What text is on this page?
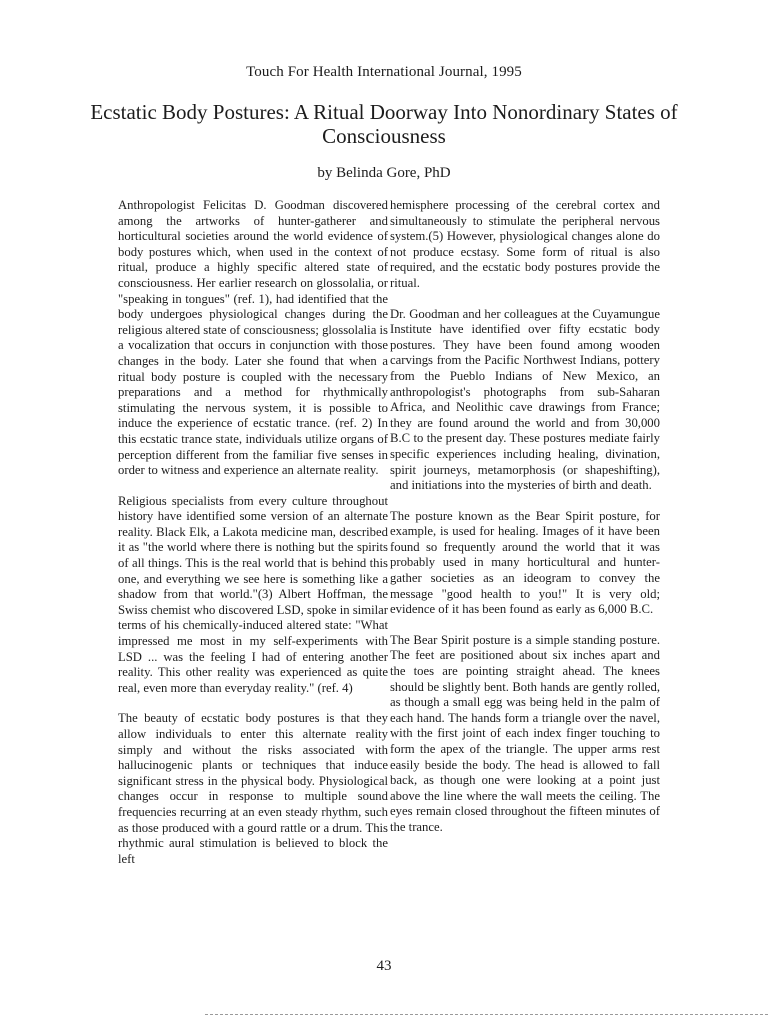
Touch For Health International Journal, 1995
Ecstatic Body Postures: A Ritual Doorway Into Nonordinary States of Consciousness
by Belinda Gore, PhD

Anthropologist Felicitas D. Goodman discovered among the artworks of hunter-gatherer and horticultural societies around the world evidence of body postures which, when used in the context of ritual, produce a highly specific altered state of consciousness. Her earlier research on glossolalia, or "speaking in tongues" (ref. 1), had identified that the body undergoes physiological changes during the religious altered state of consciousness; glossolalia is a vocalization that occurs in conjunction with those changes in the body. Later she found that when a ritual body posture is coupled with the necessary preparations and a method for rhythmically stimulating the nervous system, it is possible to induce the experience of ecstatic trance. (ref. 2) In this ecstatic trance state, individuals utilize organs of perception different from the familiar five senses in order to witness and experience an alternate reality.

Religious specialists from every culture throughout history have identified some version of an alternate reality. Black Elk, a Lakota medicine man, described it as "the world where there is nothing but the spirits of all things. This is the real world that is behind this one, and everything we see here is something like a shadow from that world."(3) Albert Hoffman, the Swiss chemist who discovered LSD, spoke in similar terms of his chemically-induced altered state: "What impressed me most in my self-experiments with LSD ... was the feeling I had of entering another reality. This other reality was experienced as quite real, even more than everyday reality." (ref. 4)

The beauty of ecstatic body postures is that they allow individuals to enter this alternate reality simply and without the risks associated with hallucinogenic plants or techniques that induce significant stress in the physical body. Physiological changes occur in response to multiple sound frequencies recurring at an even steady rhythm, such as those produced with a gourd rattle or a drum. This rhythmic aural stimulation is believed to block the left

hemisphere processing of the cerebral cortex and simultaneously to stimulate the peripheral nervous system.(5) However, physiological changes alone do not produce ecstasy. Some form of ritual is also required, and the ecstatic body postures provide the ritual.

Dr. Goodman and her colleagues at the Cuyamungue Institute have identified over fifty ecstatic body postures. They have been found among wooden carvings from the Pacific Northwest Indians, pottery from the Pueblo Indians of New Mexico, an anthropologist's photographs from sub-Saharan Africa, and Neolithic cave drawings from France; they are found around the world and from 30,000 B.C to the present day. These postures mediate fairly specific experiences including healing, divination, spirit journeys, metamorphosis (or shapeshifting), and initiations into the mysteries of birth and death.

The posture known as the Bear Spirit posture, for example, is used for healing. Images of it have been found so frequently around the world that it was probably used in many horticultural and hunter-gather societies as an ideogram to convey the message "good health to you!" It is very old; evidence of it has been found as early as 6,000 B.C.

The Bear Spirit posture is a simple standing posture. The feet are positioned about six inches apart and the toes are pointing straight ahead. The knees should be slightly bent. Both hands are gently rolled, as though a small egg was being held in the palm of each hand. The hands form a triangle over the navel, with the first joint of each index finger touching to form the apex of the triangle. The upper arms rest easily beside the body. The head is allowed to fall back, as though one were looking at a point just above the line where the wall meets the ceiling. The eyes remain closed throughout the fifteen minutes of the trance.

43
